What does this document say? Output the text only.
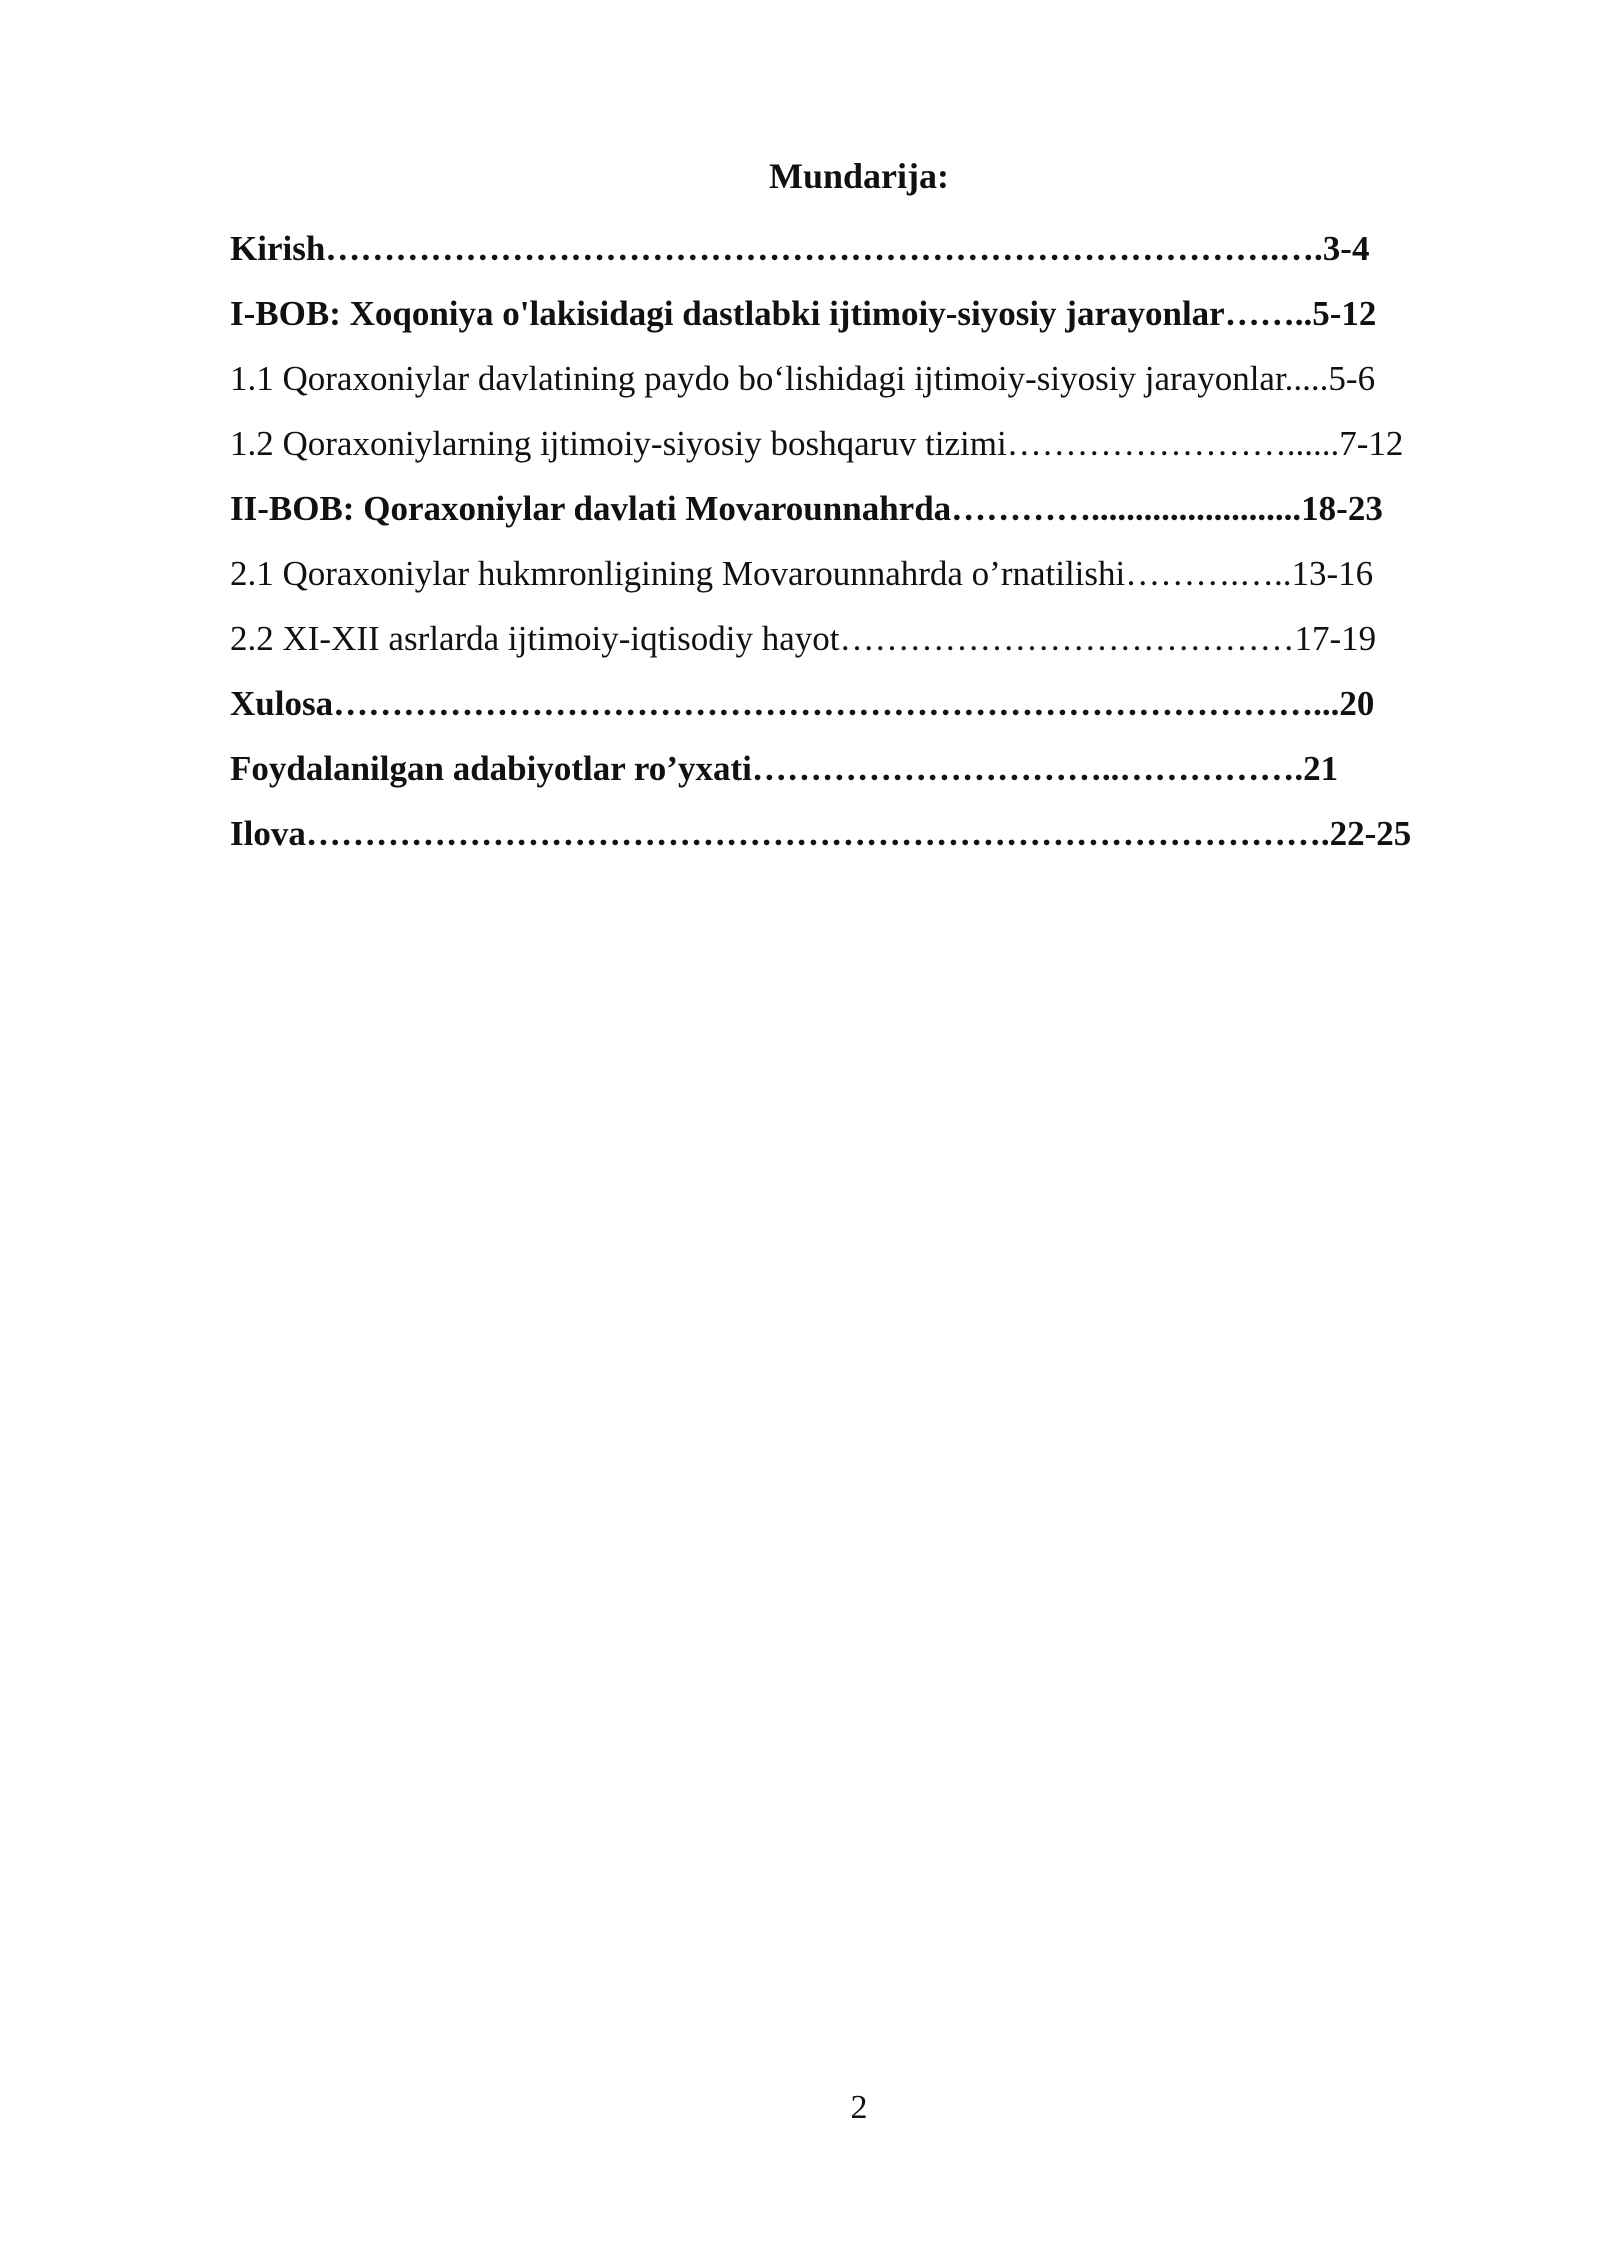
Mundarija:
Kirish……………………………………………………………………….….3-4
I-BOB: Xoqoniya o'lakisidagi dastlabki ijtimoiy-siyosiy jarayonlar……..5-12
1.1 Qoraxoniylar davlatining paydo bo‘lishidagi ijtimoiy-siyosiy jarayonlar.....5-6
1.2 Qoraxoniylarning ijtimoiy-siyosiy boshqaruv tizimi……………………......7-12
II-BOB: Qoraxoniylar davlati Movarounnahrda…………........................18-23
2.1 Qoraxoniylar hukmronligining Movarounnahrda o’rnatilishi……….…..13-16
2.2 XI-XII asrlarda ijtimoiy-iqtisodiy hayot…………………………………17-19
Xulosa…………………………………………………………………………...20
Foydalanilgan adabiyotlar ro’yxati…………………………..…………….21
Ilova…………………………………………………………………………….22-25
2
